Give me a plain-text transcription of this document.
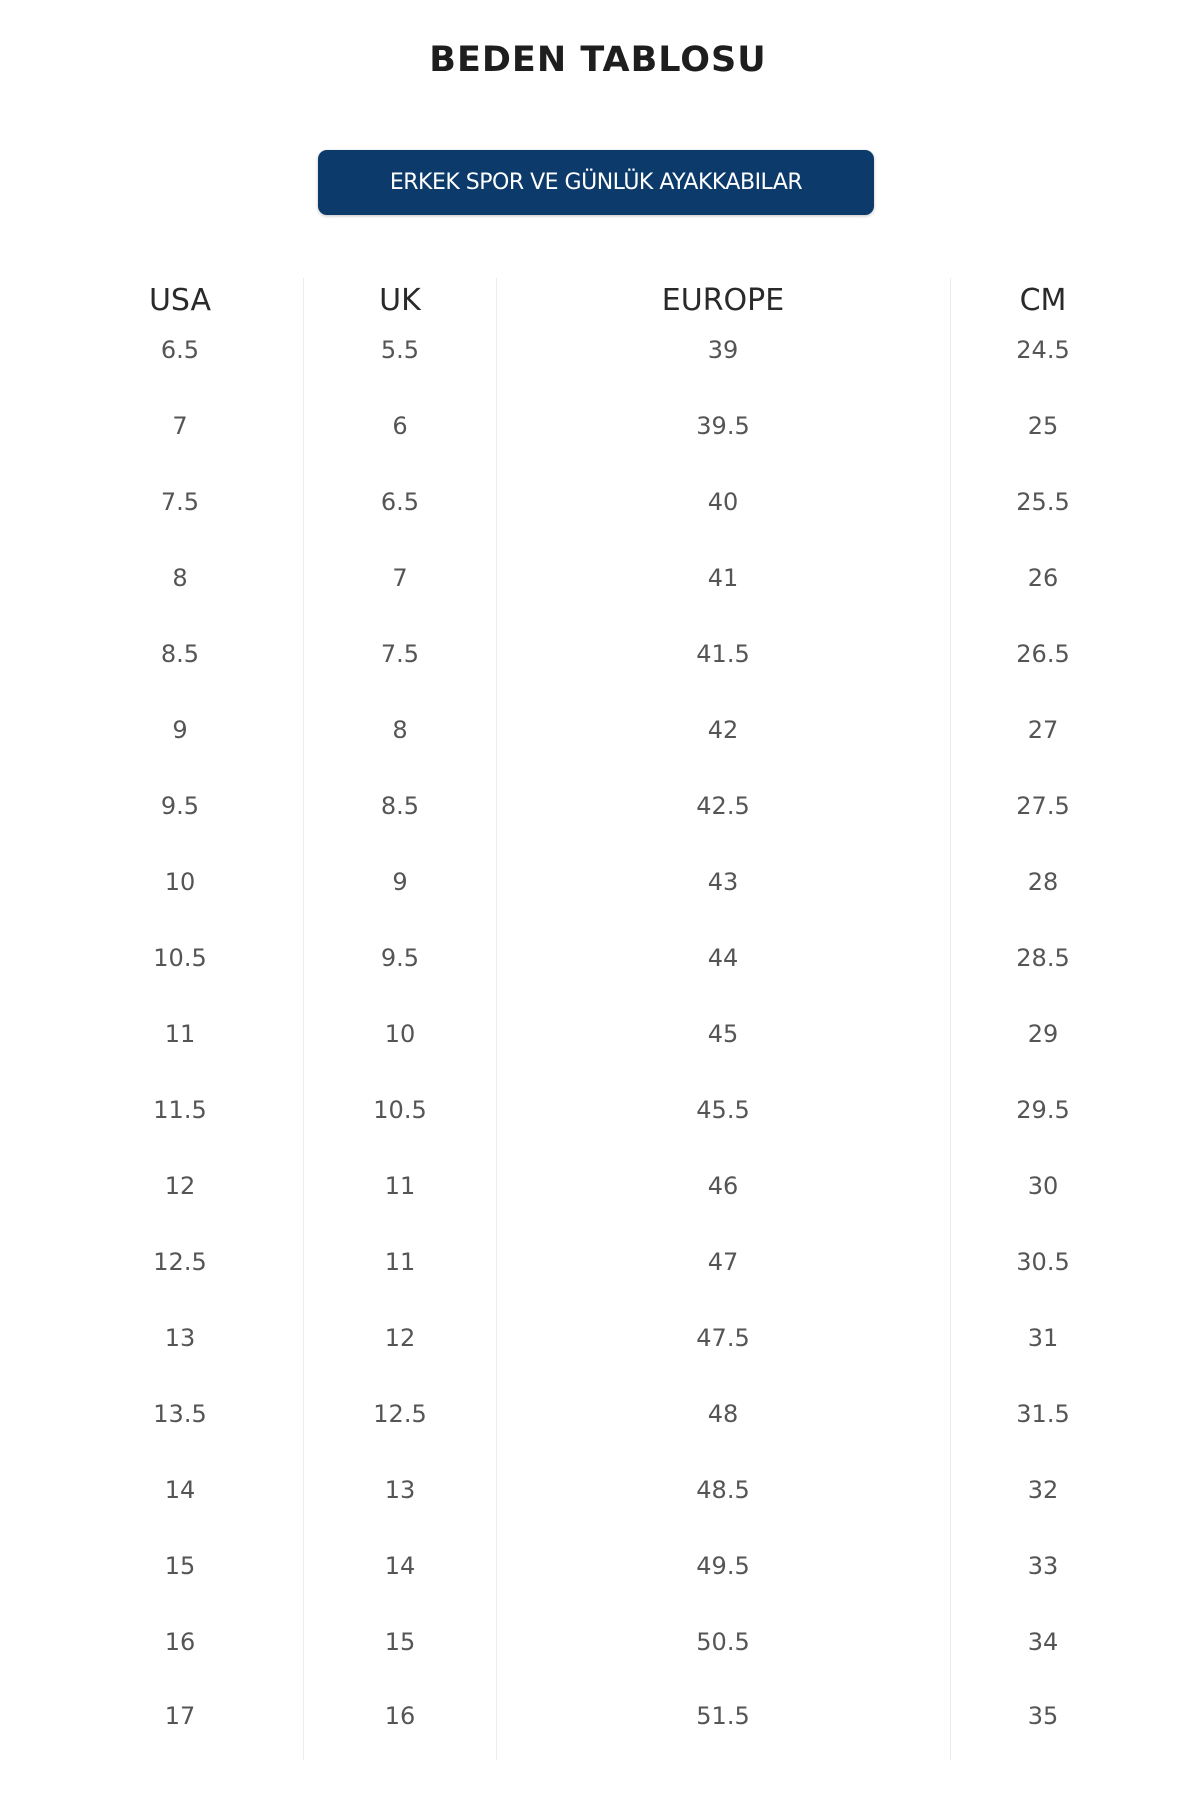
BEDEN TABLOSU
ERKEK SPOR VE GÜNLÜK AYAKKABILAR
USA	UK	EUROPE	CM
6.5	5.5	39	24.5
7	6	39.5	25
7.5	6.5	40	25.5
8	7	41	26
8.5	7.5	41.5	26.5
9	8	42	27
9.5	8.5	42.5	27.5
10	9	43	28
10.5	9.5	44	28.5
11	10	45	29
11.5	10.5	45.5	29.5
12	11	46	30
12.5	11	47	30.5
13	12	47.5	31
13.5	12.5	48	31.5
14	13	48.5	32
15	14	49.5	33
16	15	50.5	34
17	16	51.5	35
